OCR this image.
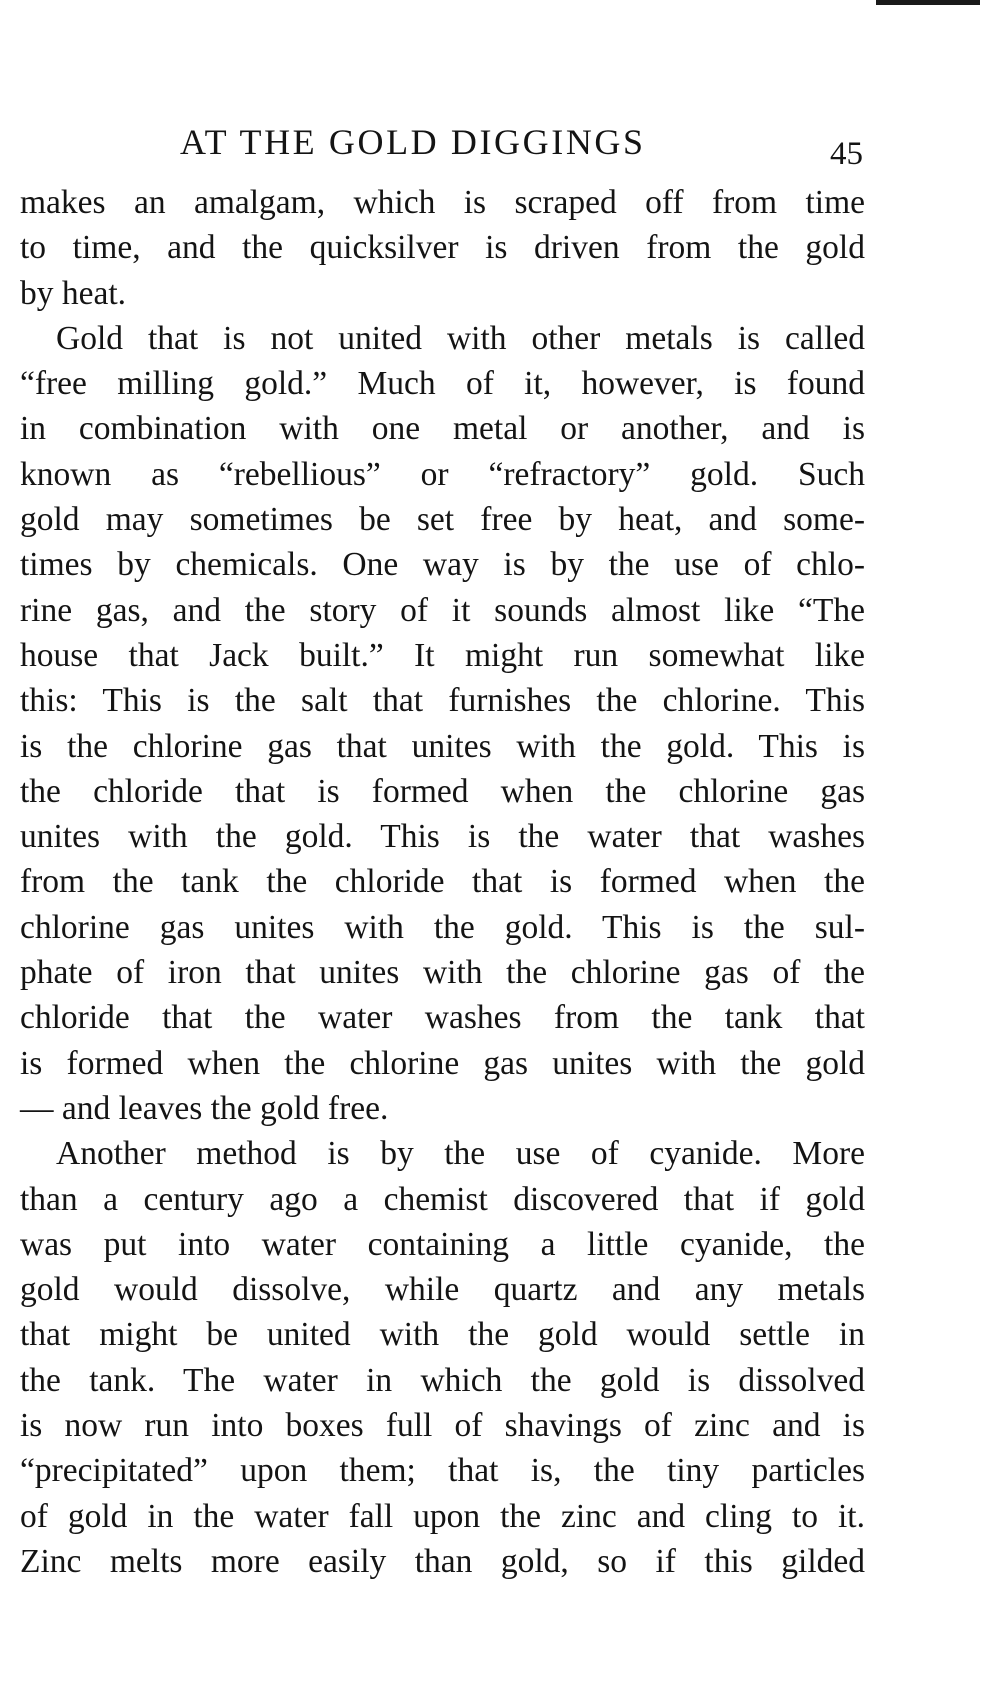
AT THE GOLD DIGGINGS	45
makes an amalgam, which is scraped off from time
to time, and the quicksilver is driven from the gold
by heat.
Gold that is not united with other metals is called
“free milling gold.” Much of it, however, is found
in combination with one metal or another, and is
known as “rebellious” or “refractory” gold. Such
gold may sometimes be set free by heat, and some-
times by chemicals. One way is by the use of chlo-
rine gas, and the story of it sounds almost like “The
house that Jack built.” It might run somewhat like
this: This is the salt that furnishes the chlorine. This
is the chlorine gas that unites with the gold. This is
the chloride that is formed when the chlorine gas
unites with the gold. This is the water that washes
from the tank the chloride that is formed when the
chlorine gas unites with the gold. This is the sul-
phate of iron that unites with the chlorine gas of the
chloride that the water washes from the tank that
is formed when the chlorine gas unites with the gold
— and leaves the gold free.
Another method is by the use of cyanide. More
than a century ago a chemist discovered that if gold
was put into water containing a little cyanide, the
gold would dissolve, while quartz and any metals
that might be united with the gold would settle in
the tank. The water in which the gold is dissolved
is now run into boxes full of shavings of zinc and is
“precipitated” upon them; that is, the tiny particles
of gold in the water fall upon the zinc and cling to it.
Zinc melts more easily than gold, so if this gilded
